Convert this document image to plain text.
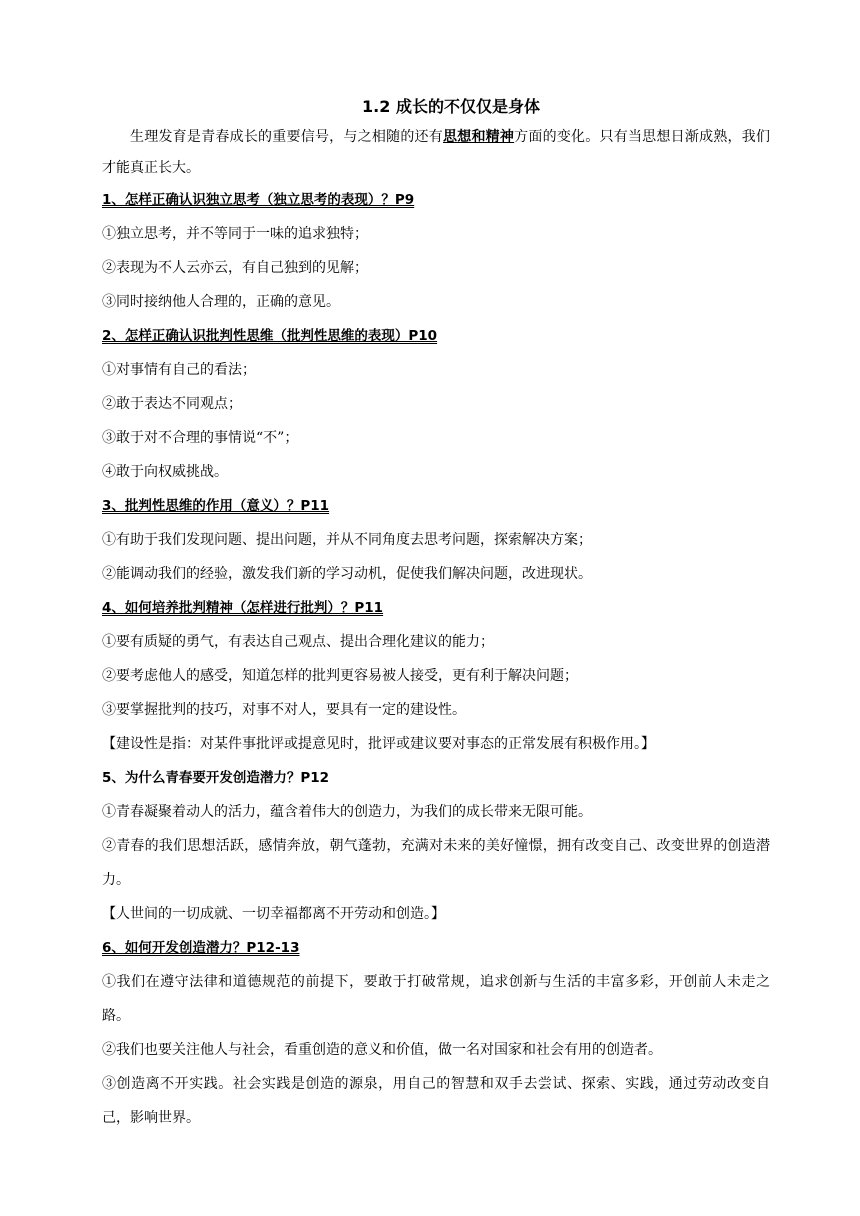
1.2 成长的不仅仅是身体

生理发育是青春成长的重要信号，与之相随的还有思想和精神方面的变化。只有当思想日渐成熟，我们才能真正长大。

1、怎样正确认识独立思考（独立思考的表现）？P9

①独立思考，并不等同于一味的追求独特；

②表现为不人云亦云，有自己独到的见解；

③同时接纳他人合理的，正确的意见。

2、怎样正确认识批判性思维（批判性思维的表现）P10

①对事情有自己的看法；

②敢于表达不同观点；

③敢于对不合理的事情说“不”；

④敢于向权威挑战。

3、批判性思维的作用（意义）？P11

①有助于我们发现问题、提出问题，并从不同角度去思考问题，探索解决方案；

②能调动我们的经验，激发我们新的学习动机，促使我们解决问题，改进现状。

4、如何培养批判精神（怎样进行批判）？P11

①要有质疑的勇气，有表达自己观点、提出合理化建议的能力；

②要考虑他人的感受，知道怎样的批判更容易被人接受，更有利于解决问题；

③要掌握批判的技巧，对事不对人，要具有一定的建设性。

【建设性是指：对某件事批评或提意见时，批评或建议要对事态的正常发展有积极作用。】

5、为什么青春要开发创造潜力？P12

①青春凝聚着动人的活力，蕴含着伟大的创造力，为我们的成长带来无限可能。

②青春的我们思想活跃，感情奔放，朝气蓬勃，充满对未来的美好憧憬，拥有改变自己、改变世界的创造潜力。

【人世间的一切成就、一切幸福都离不开劳动和创造。】

6、如何开发创造潜力？P12-13

①我们在遵守法律和道德规范的前提下，要敢于打破常规，追求创新与生活的丰富多彩，开创前人未走之路。

②我们也要关注他人与社会，看重创造的意义和价值，做一名对国家和社会有用的创造者。

③创造离不开实践。社会实践是创造的源泉，用自己的智慧和双手去尝试、探索、实践，通过劳动改变自己，影响世界。
